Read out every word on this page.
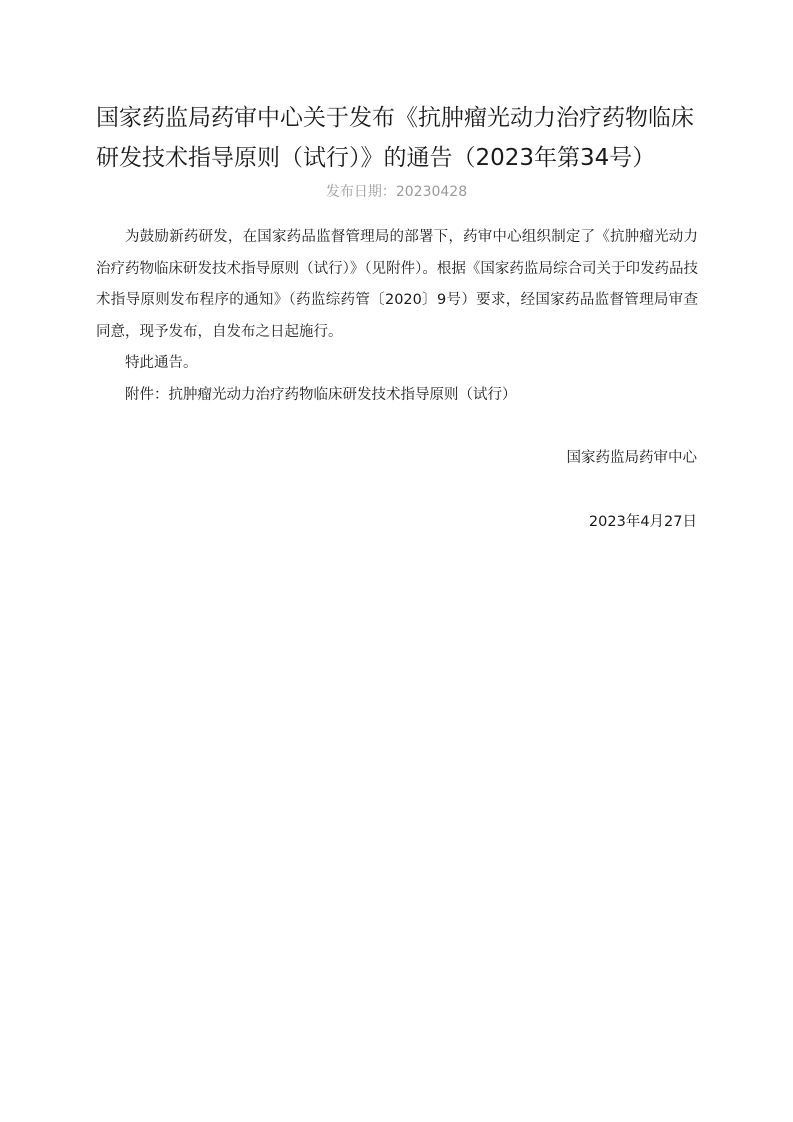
国家药监局药审中心关于发布《抗肿瘤光动力治疗药物临床研发技术指导原则（试行）》的通告（2023年第34号）
发布日期：20230428

为鼓励新药研发，在国家药品监督管理局的部署下，药审中心组织制定了《抗肿瘤光动力治疗药物临床研发技术指导原则（试行）》（见附件）。根据《国家药监局综合司关于印发药品技术指导原则发布程序的通知》（药监综药管〔2020〕9号）要求，经国家药品监督管理局审查同意，现予发布，自发布之日起施行。

特此通告。

附件：抗肿瘤光动力治疗药物临床研发技术指导原则（试行）

国家药监局药审中心
2023年4月27日
